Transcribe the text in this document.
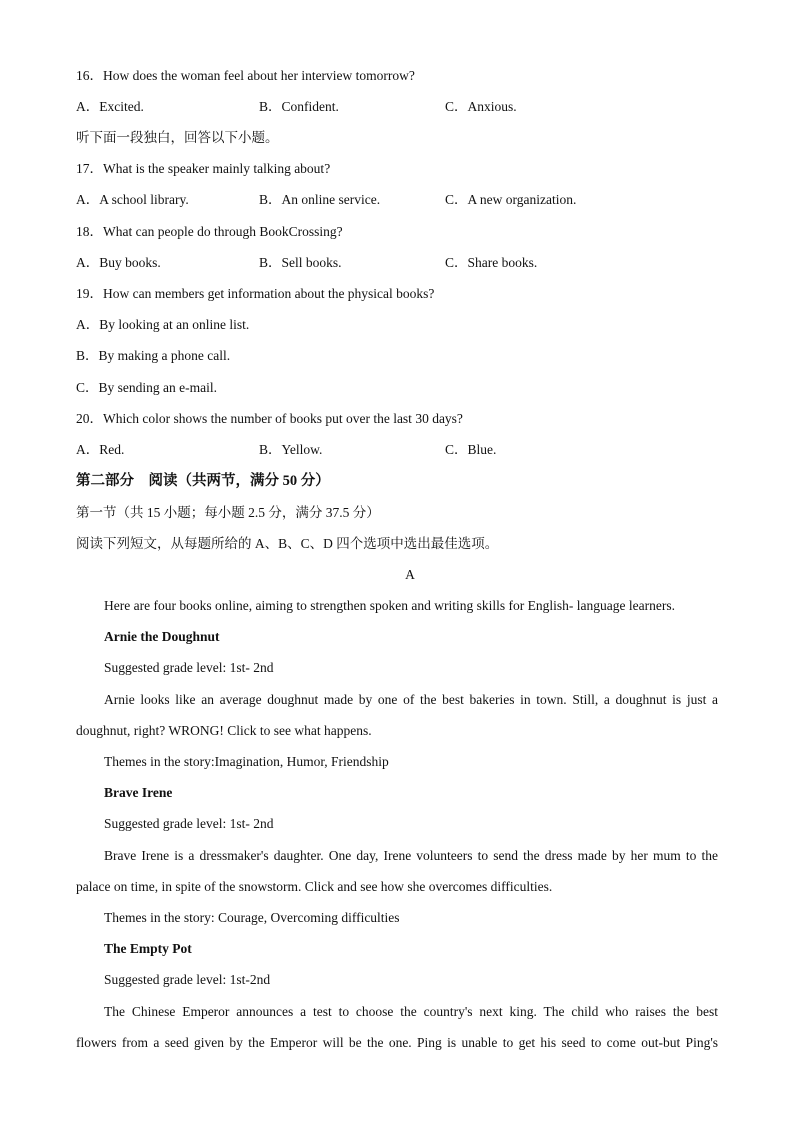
16．How does the woman feel about her interview tomorrow?
A．Excited.	B．Confident.	C．Anxious.
听下面一段独白，回答以下小题。
17．What is the speaker mainly talking about?
A．A school library.	B．An online service.	C．A new organization.
18．What can people do through BookCrossing?
A．Buy books.	B．Sell books.	C．Share books.
19．How can members get information about the physical books?
A．By looking at an online list.
B．By making a phone call.
C．By sending an e-mail.
20．Which color shows the number of books put over the last 30 days?
A．Red.	B．Yellow.	C．Blue.
第二部分　阅读（共两节，满分 50 分）
第一节（共 15 小题；每小题 2.5 分，满分 37.5 分）
阅读下列短文，从每题所给的 A、B、C、D 四个选项中选出最佳选项。
A
Here are four books online, aiming to strengthen spoken and writing skills for English- language learners.
Arnie the Doughnut
Suggested grade level: 1st- 2nd
Arnie looks like an average doughnut made by one of the best bakeries in town. Still, a doughnut is just a
doughnut, right? WRONG! Click to see what happens.
Themes in the story:Imagination, Humor, Friendship
Brave Irene
Suggested grade level: 1st- 2nd
Brave Irene is a dressmaker's daughter. One day, Irene volunteers to send the dress made by her mum to the
palace on time, in spite of the snowstorm. Click and see how she overcomes difficulties.
Themes in the story: Courage, Overcoming difficulties
The Empty Pot
Suggested grade level: 1st-2nd
The Chinese Emperor announces a test to choose the country's next king. The child who raises the best
flowers from a seed given by the Emperor will be the one. Ping is unable to get his seed to come out-but Ping's
